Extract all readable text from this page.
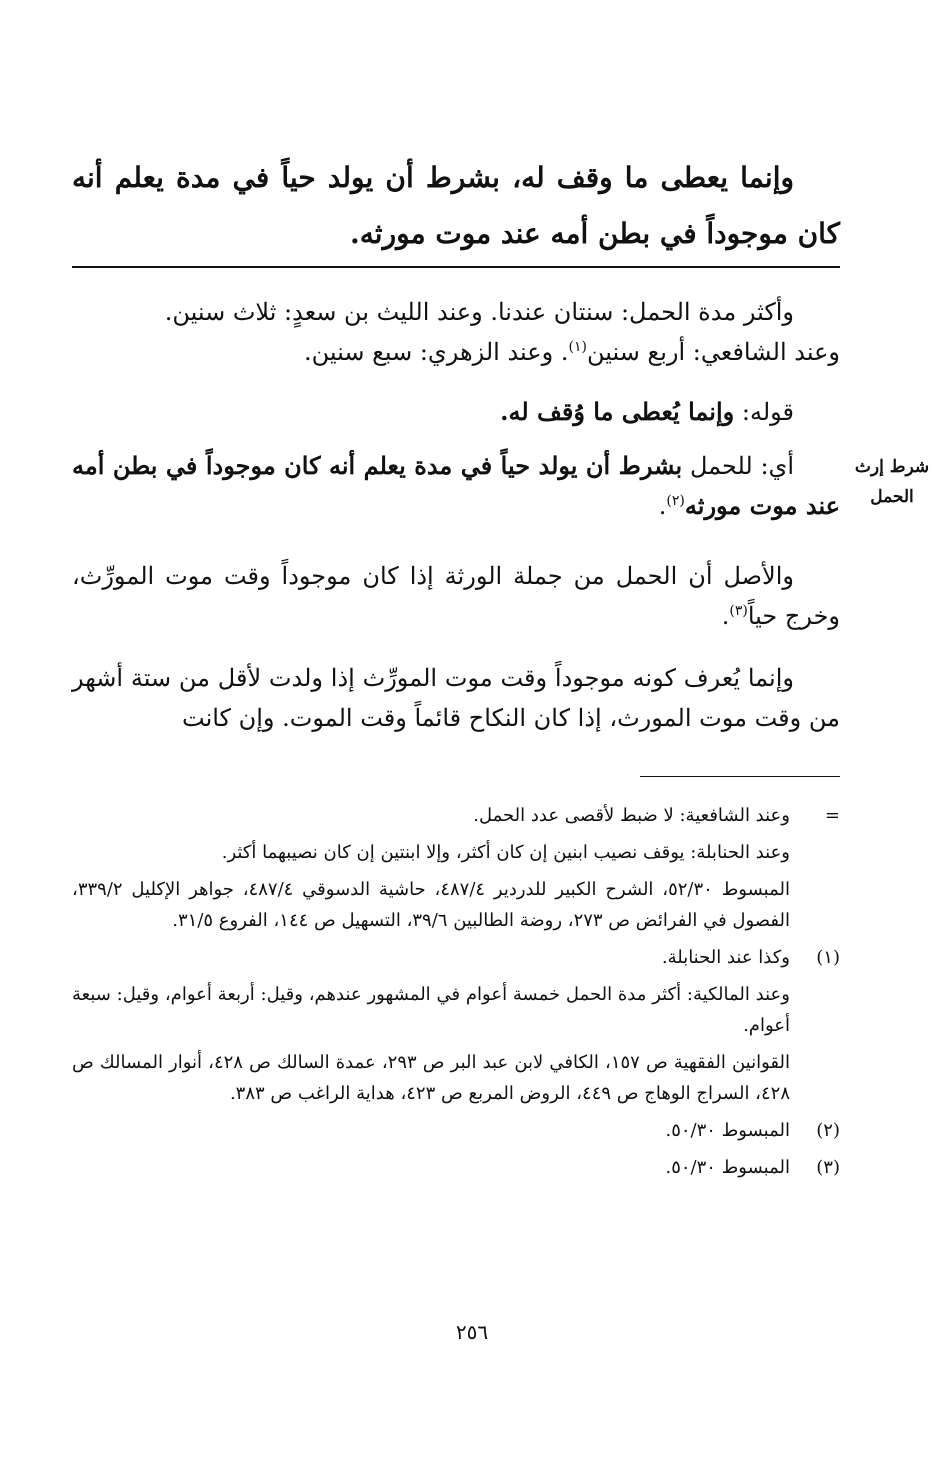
وإنما يعطى ما وقف له، بشرط أن يولد حياً في مدة يعلم أنه كان موجوداً في بطن أمه عند موت مورثه.
شرط إرث الحمل

وأكثر مدة الحمل: سنتان عندنا. وعند الليث بن سعدٍ: ثلاث سنين.

وعند الشافعي: أربع سنين$^{(١)}$. وعند الزهري: سبع سنين.

قوله: وإنما يُعطى ما وُقف له.

أي: للحمل بشرط أن يولد حياً في مدة يعلم أنه كان موجوداً في بطن أمه عند موت مورثه$^{(٢)}$.

والأصل أن الحمل من جملة الورثة إذا كان موجوداً وقت موت المورِّث، وخرج حياً$^{(٣)}$.

وإنما يُعرف كونه موجوداً وقت موت المورِّث إذا ولدت لأقل من ستة أشهر من وقت موت المورث، إذا كان النكاح قائماً وقت الموت. وإن كانت

=
وعند الشافعية: لا ضبط لأقصى عدد الحمل.
وعند الحنابلة: يوقف نصيب ابنين إن كان أكثر، وإلا ابنتين إن كان نصيبهما أكثر.
المبسوط ٥٢/٣٠، الشرح الكبير للدردير ٤٨٧/٤، حاشية الدسوقي ٤٨٧/٤، جواهر الإكليل ٣٣٩/٢، الفصول في الفرائض ص ٢٧٣، روضة الطالبين ٣٩/٦، التسهيل ص ١٤٤، الفروع ٣١/٥.
(١)
وكذا عند الحنابلة.
وعند المالكية: أكثر مدة الحمل خمسة أعوام في المشهور عندهم، وقيل: أربعة أعوام، وقيل: سبعة أعوام.
القوانين الفقهية ص ١٥٧، الكافي لابن عبد البر ص ٢٩٣، عمدة السالك ص ٤٢٨، أنوار المسالك ص ٤٢٨، السراج الوهاج ص ٤٤٩، الروض المربع ص ٤٢٣، هداية الراغب ص ٣٨٣.
(٢)
المبسوط ٥٠/٣٠.
(٣)
المبسوط ٥٠/٣٠.
٢٥٦
